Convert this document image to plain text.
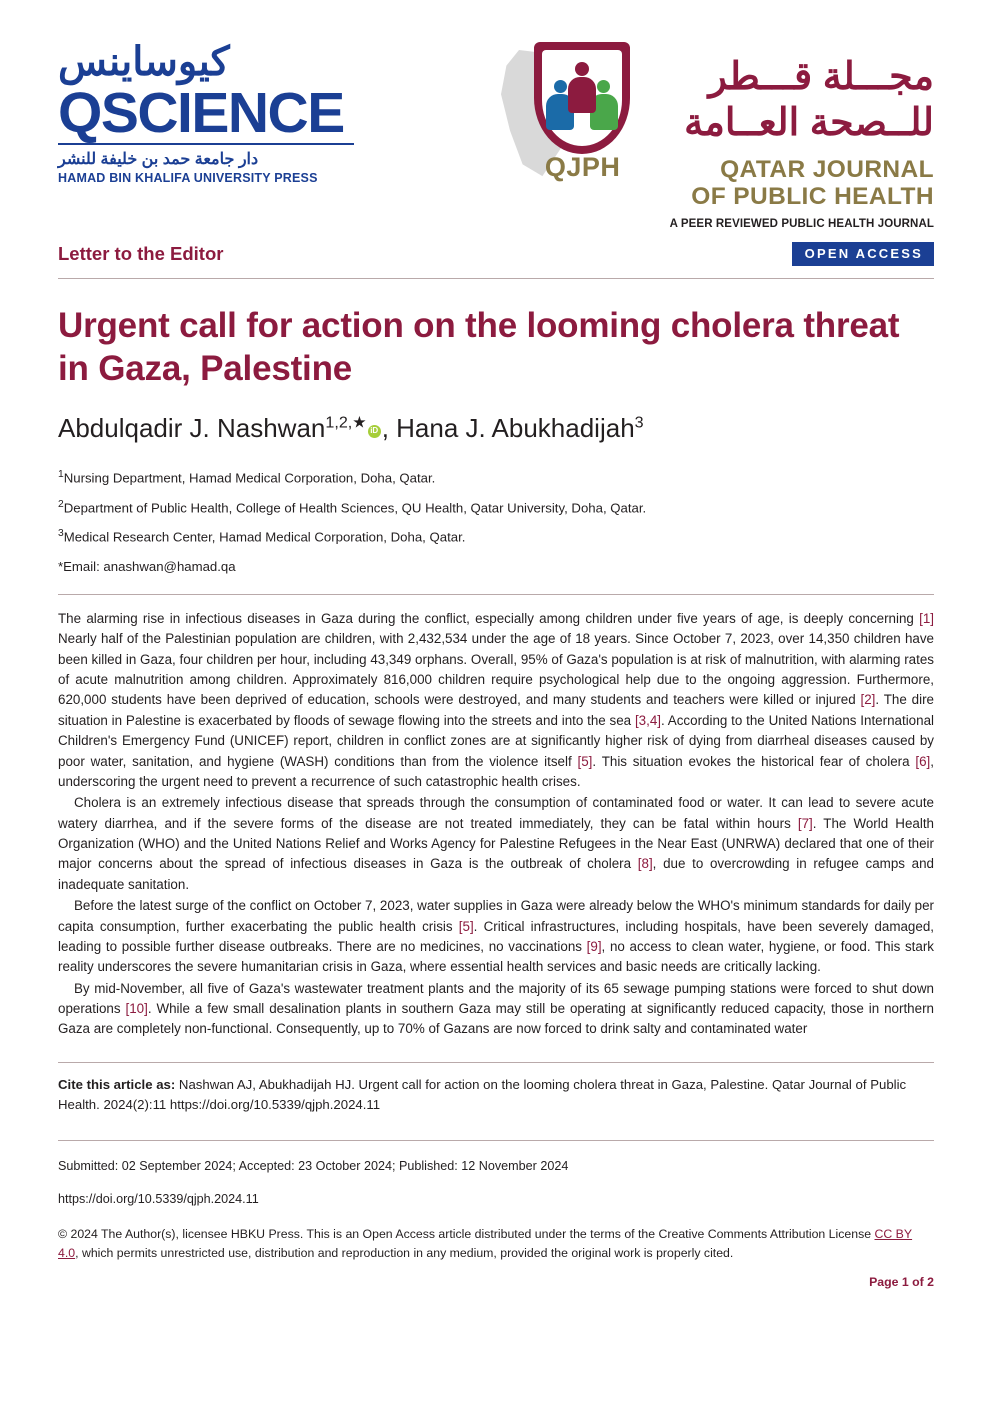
كيوساينس
QSCIENCE
دار جامعة حمد بن خليفة للنشر
HAMAD BIN KHALIFA UNIVERSITY PRESS	QJPH
مجـــلة قـــطر
للــصحة العــامة
QATAR JOURNAL
OF PUBLIC HEALTH
A PEER REVIEWED PUBLIC HEALTH JOURNAL
Letter to the Editor	OPEN ACCESS
Urgent call for action on the looming cholera threat in Gaza, Palestine
Abdulqadir J. Nashwan$^{1,2,★}$ iD , Hana J. Abukhadijah$^3$
$^1$Nursing Department, Hamad Medical Corporation, Doha, Qatar.
$^2$Department of Public Health, College of Health Sciences, QU Health, Qatar University, Doha, Qatar.
$^3$Medical Research Center, Hamad Medical Corporation, Doha, Qatar.
*Email: anashwan@hamad.qa

The alarming rise in infectious diseases in Gaza during the conflict, especially among children under five years of age, is deeply concerning [1] Nearly half of the Palestinian population are children, with 2,432,534 under the age of 18 years. Since October 7, 2023, over 14,350 children have been killed in Gaza, four children per hour, including 43,349 orphans. Overall, 95% of Gaza's population is at risk of malnutrition, with alarming rates of acute malnutrition among children. Approximately 816,000 children require psychological help due to the ongoing aggression. Furthermore, 620,000 students have been deprived of education, schools were destroyed, and many students and teachers were killed or injured [2]. The dire situation in Palestine is exacerbated by floods of sewage flowing into the streets and into the sea [3,4]. According to the United Nations International Children's Emergency Fund (UNICEF) report, children in conflict zones are at significantly higher risk of dying from diarrheal diseases caused by poor water, sanitation, and hygiene (WASH) conditions than from the violence itself [5]. This situation evokes the historical fear of cholera [6], underscoring the urgent need to prevent a recurrence of such catastrophic health crises.

Cholera is an extremely infectious disease that spreads through the consumption of contaminated food or water. It can lead to severe acute watery diarrhea, and if the severe forms of the disease are not treated immediately, they can be fatal within hours [7]. The World Health Organization (WHO) and the United Nations Relief and Works Agency for Palestine Refugees in the Near East (UNRWA) declared that one of their major concerns about the spread of infectious diseases in Gaza is the outbreak of cholera [8], due to overcrowding in refugee camps and inadequate sanitation.

Before the latest surge of the conflict on October 7, 2023, water supplies in Gaza were already below the WHO's minimum standards for daily per capita consumption, further exacerbating the public health crisis [5]. Critical infrastructures, including hospitals, have been severely damaged, leading to possible further disease outbreaks. There are no medicines, no vaccinations [9], no access to clean water, hygiene, or food. This stark reality underscores the severe humanitarian crisis in Gaza, where essential health services and basic needs are critically lacking.

By mid-November, all five of Gaza's wastewater treatment plants and the majority of its 65 sewage pumping stations were forced to shut down operations [10]. While a few small desalination plants in southern Gaza may still be operating at significantly reduced capacity, those in northern Gaza are completely non-functional. Consequently, up to 70% of Gazans are now forced to drink salty and contaminated water

Cite this article as: Nashwan AJ, Abukhadijah HJ. Urgent call for action on the looming cholera threat in Gaza, Palestine. Qatar Journal of Public Health. 2024(2):11 https://doi.org/10.5339/qjph.2024.11
Submitted: 02 September 2024; Accepted: 23 October 2024; Published: 12 November 2024
https://doi.org/10.5339/qjph.2024.11
© 2024 The Author(s), licensee HBKU Press. This is an Open Access article distributed under the terms of the Creative Comments Attribution License CC BY 4.0, which permits unrestricted use, distribution and reproduction in any medium, provided the original work is properly cited.
Page 1 of 2
